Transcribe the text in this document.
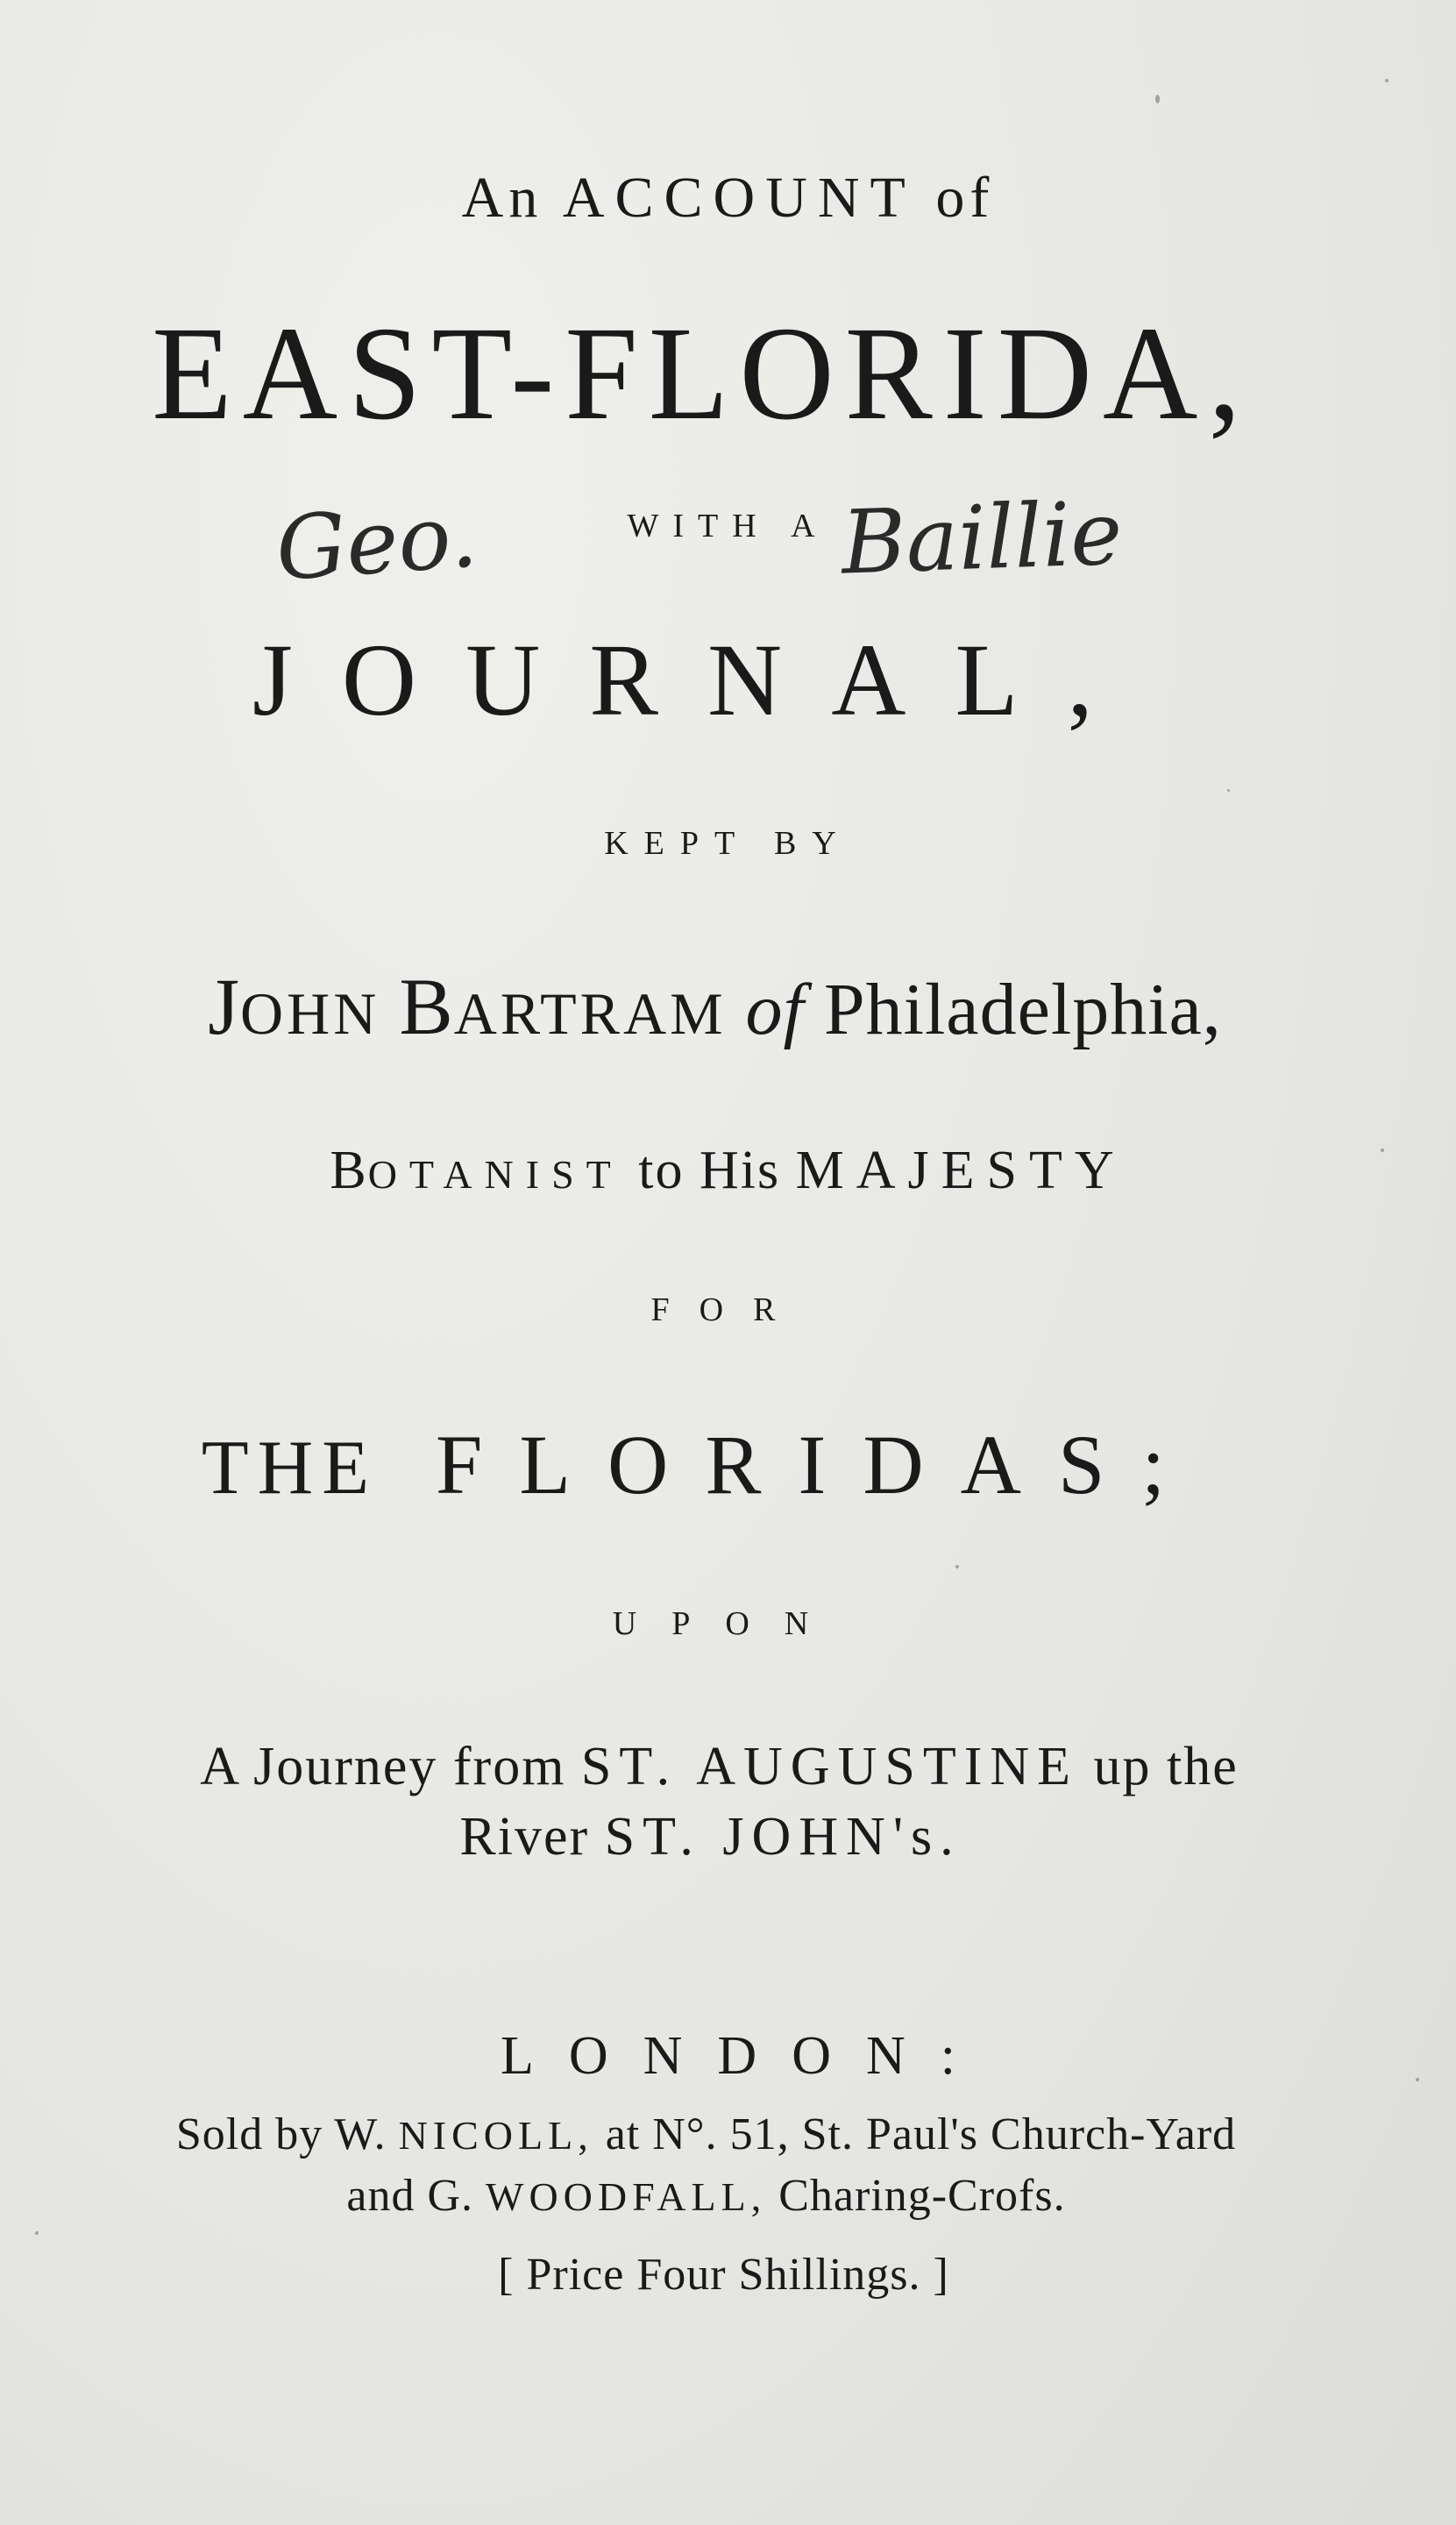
An ACCOUNT of
EAST-FLORIDA,
WITH A
Geo.	Baillie
JOURNAL,
KEPT BY
JOHN BARTRAM of Philadelphia,
BOTANIST to His MAJESTY
FOR
THE FLORIDAS;
UPON
A Journey from ST. AUGUSTINE up the
River ST. JOHN's.
LONDON:
Sold by W. NICOLL, at N°. 51, St. Paul's Church-Yard
and G. WOODFALL, Charing-Crofs.
[ Price Four Shillings. ]
